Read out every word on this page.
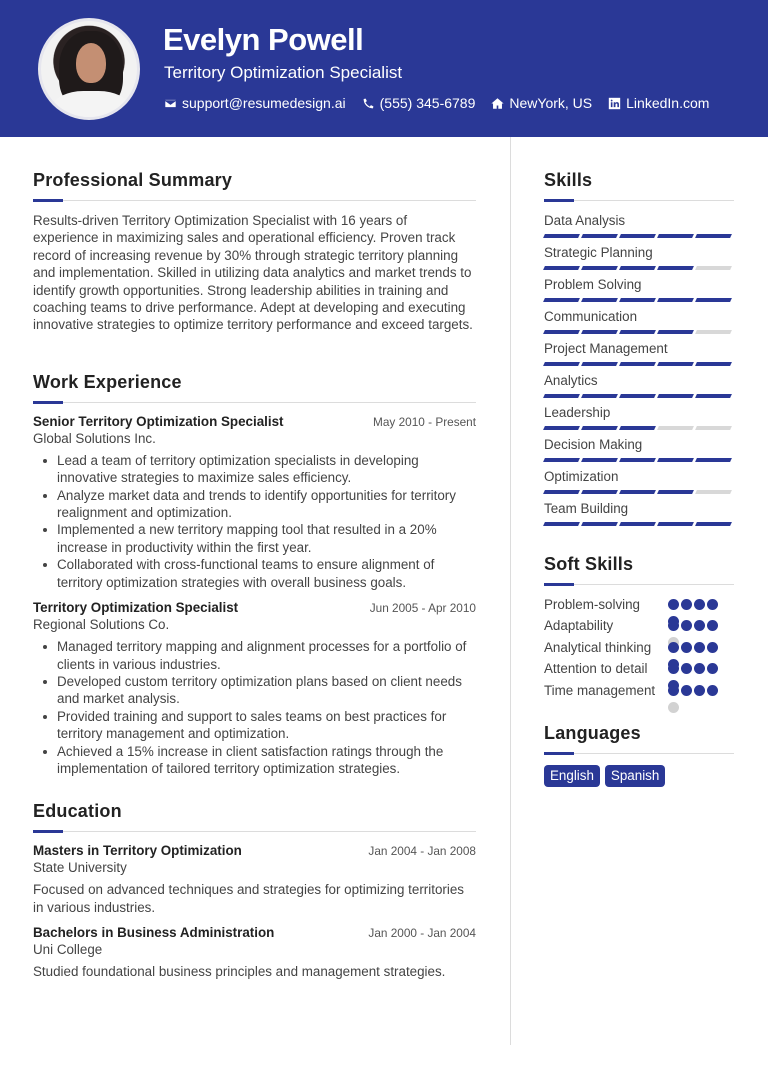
Evelyn Powell
Territory Optimization Specialist
support@resumedesign.ai (555) 345-6789 NewYork, US LinkedIn.com
Professional Summary

Results-driven Territory Optimization Specialist with 16 years of experience in maximizing sales and operational efficiency. Proven track record of increasing revenue by 30% through strategic territory planning and implementation. Skilled in utilizing data analytics and market trends to identify growth opportunities. Strong leadership abilities in training and coaching teams to drive performance. Adept at developing and executing innovative strategies to optimize territory performance and exceed targets.

Work Experience
Senior Territory Optimization Specialist	May 2010 - Present
Global Solutions Inc.
Lead a team of territory optimization specialists in developing innovative strategies to maximize sales efficiency.
Analyze market data and trends to identify opportunities for territory realignment and optimization.
Implemented a new territory mapping tool that resulted in a 20% increase in productivity within the first year.
Collaborated with cross-functional teams to ensure alignment of territory optimization strategies with overall business goals.
Territory Optimization Specialist	Jun 2005 - Apr 2010
Regional Solutions Co.
Managed territory mapping and alignment processes for a portfolio of clients in various industries.
Developed custom territory optimization plans based on client needs and market analysis.
Provided training and support to sales teams on best practices for territory management and optimization.
Achieved a 15% increase in client satisfaction ratings through the implementation of tailored territory optimization strategies.
Education
Masters in Territory Optimization	Jan 2004 - Jan 2008
State University

Focused on advanced techniques and strategies for optimizing territories in various industries.

Bachelors in Business Administration	Jan 2000 - Jan 2004
Uni College

Studied foundational business principles and management strategies.

Skills
Data Analysis
Strategic Planning
Problem Solving
Communication
Project Management
Analytics
Leadership
Decision Making
Optimization
Team Building
Soft Skills
Problem-solving
Adaptability
Analytical thinking
Attention to detail
Time management
Languages
English	Spanish
